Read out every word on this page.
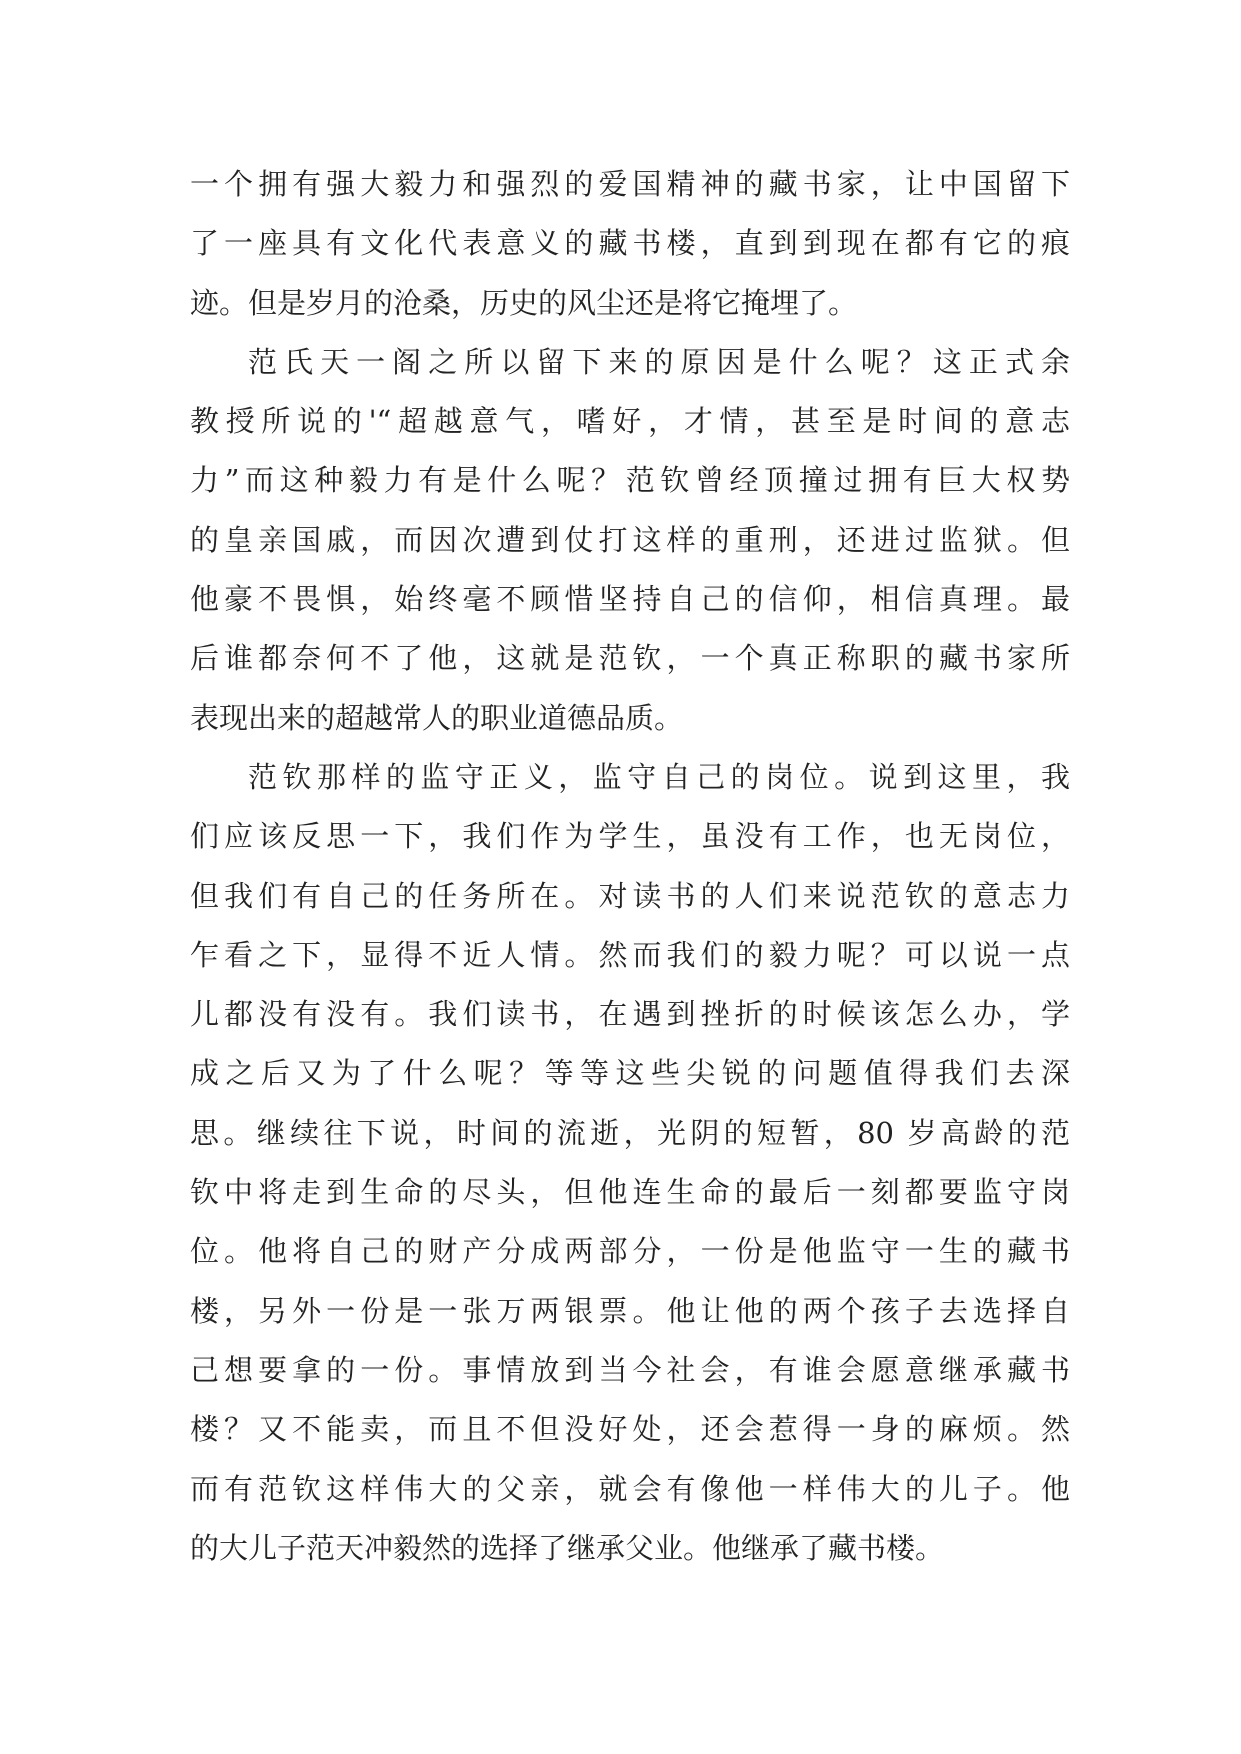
一个拥有强大毅力和强烈的爱国精神的藏书家，让中国留下
了一座具有文化代表意义的藏书楼，直到到现在都有它的痕
迹。但是岁月的沧桑，历史的风尘还是将它掩埋了。
范氏天一阁之所以留下来的原因是什么呢？这正式余
教授所说的'“超越意气，嗜好，才情，甚至是时间的意志
力”而这种毅力有是什么呢？范钦曾经顶撞过拥有巨大权势
的皇亲国戚，而因次遭到仗打这样的重刑，还进过监狱。但
他豪不畏惧，始终毫不顾惜坚持自己的信仰，相信真理。最
后谁都奈何不了他，这就是范钦，一个真正称职的藏书家所
表现出来的超越常人的职业道德品质。
范钦那样的监守正义，监守自己的岗位。说到这里，我
们应该反思一下，我们作为学生，虽没有工作，也无岗位，
但我们有自己的任务所在。对读书的人们来说范钦的意志力
乍看之下，显得不近人情。然而我们的毅力呢？可以说一点
儿都没有没有。我们读书，在遇到挫折的时候该怎么办，学
成之后又为了什么呢？等等这些尖锐的问题值得我们去深
思。继续往下说，时间的流逝，光阴的短暂，80 岁高龄的范
钦中将走到生命的尽头，但他连生命的最后一刻都要监守岗
位。他将自己的财产分成两部分，一份是他监守一生的藏书
楼，另外一份是一张万两银票。他让他的两个孩子去选择自
己想要拿的一份。事情放到当今社会，有谁会愿意继承藏书
楼？又不能卖，而且不但没好处，还会惹得一身的麻烦。然
而有范钦这样伟大的父亲，就会有像他一样伟大的儿子。他
的大儿子范天冲毅然的选择了继承父业。他继承了藏书楼。
